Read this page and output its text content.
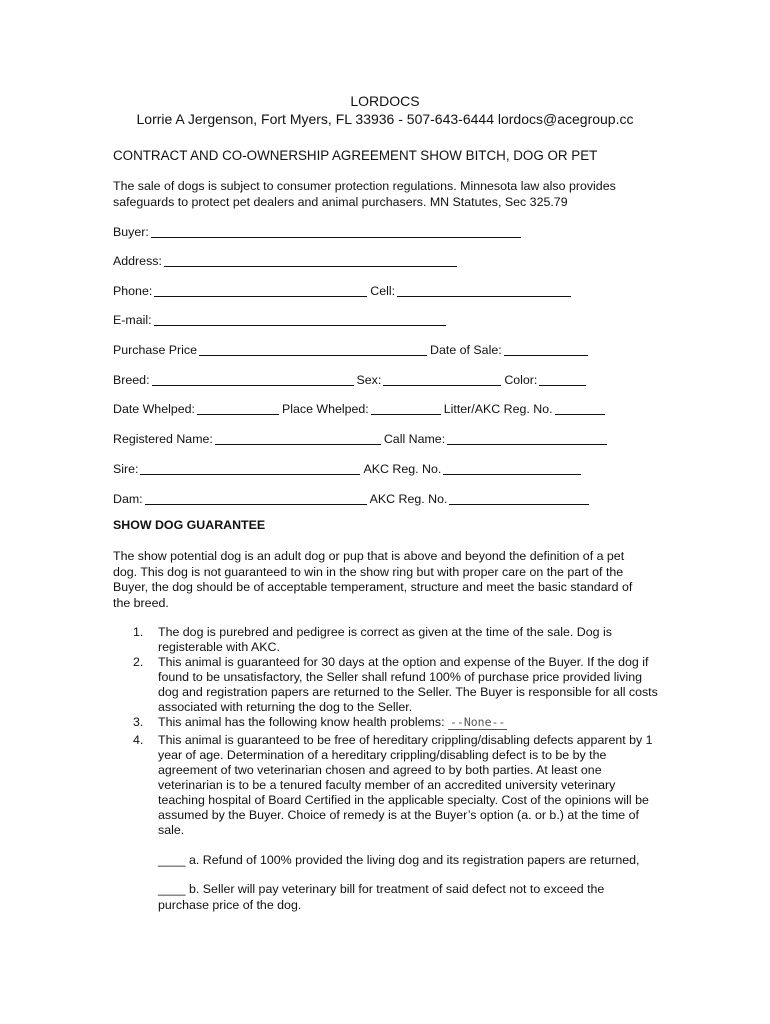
LORDOCS
Lorrie A Jergenson, Fort Myers, FL 33936 - 507-643-6444 lordocs@acegroup.cc
CONTRACT AND CO-OWNERSHIP AGREEMENT SHOW BITCH, DOG OR PET
The sale of dogs is subject to consumer protection regulations. Minnesota law also provides safeguards to protect pet dealers and animal purchasers. MN Statutes, Sec 325.79
Buyer:
Address:
Phone:	Cell:
E-mail:
Purchase Price	Date of Sale:
Breed:	Sex:	Color:
Date Whelped:	Place Whelped:	Litter/AKC Reg. No.
Registered Name:	Call Name:
Sire:	AKC Reg. No.
Dam:	AKC Reg. No.
SHOW DOG GUARANTEE
The show potential dog is an adult dog or pup that is above and beyond the definition of a pet dog. This dog is not guaranteed to win in the show ring but with proper care on the part of the Buyer, the dog should be of acceptable temperament, structure and meet the basic standard of the breed.
1. The dog is purebred and pedigree is correct as given at the time of the sale. Dog is registerable with AKC.
2. This animal is guaranteed for 30 days at the option and expense of the Buyer. If the dog if found to be unsatisfactory, the Seller shall refund 100% of purchase price provided living dog and registration papers are returned to the Seller. The Buyer is responsible for all costs associated with returning the dog to the Seller.
3. This animal has the following know health problems: --None--
4. This animal is guaranteed to be free of hereditary crippling/disabling defects apparent by 1 year of age. Determination of a hereditary crippling/disabling defect is to be by the agreement of two veterinarian chosen and agreed to by both parties. At least one veterinarian is to be a tenured faculty member of an accredited university veterinary teaching hospital of Board Certified in the applicable specialty. Cost of the opinions will be assumed by the Buyer. Choice of remedy is at the Buyer’s option (a. or b.) at the time of sale.
____ a. Refund of 100% provided the living dog and its registration papers are returned,
____ b. Seller will pay veterinary bill for treatment of said defect not to exceed the purchase price of the dog.
